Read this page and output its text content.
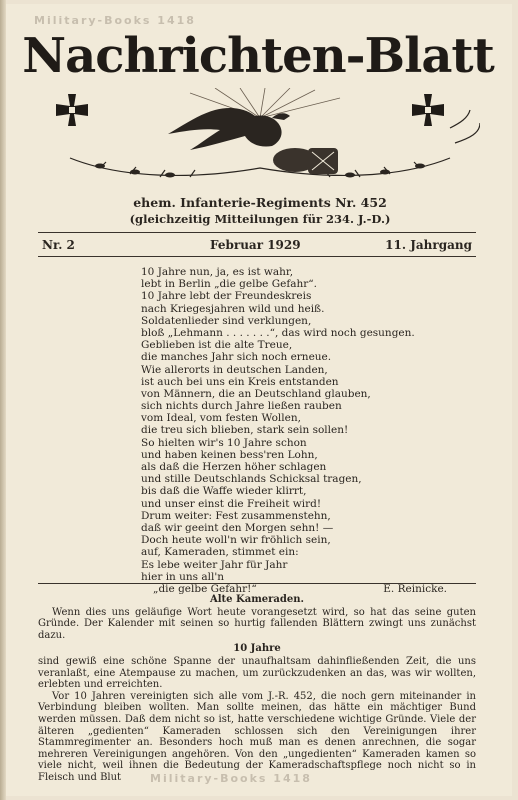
Military-Books 1418
Nachrichten-Blatt
ehem. Infanterie-Regiments Nr. 452
(gleichzeitig Mitteilungen für 234. J.-D.)
Nr. 2	Februar 1929	11. Jahrgang
10 Jahre nun, ja, es ist wahr,
lebt in Berlin „die gelbe Gefahr“.
10 Jahre lebt der Freundeskreis
nach Kriegesjahren wild und heiß.
Soldatenlieder sind verklungen,
bloß „Lehmann . . . . . . .“, das wird noch gesungen.
Geblieben ist die alte Treue,
die manches Jahr sich noch erneue.
Wie allerorts in deutschen Landen,
ist auch bei uns ein Kreis entstanden
von Männern, die an Deutschland glauben,
sich nichts durch Jahre ließen rauben
vom Ideal, vom festen Wollen,
die treu sich blieben, stark sein sollen!
So hielten wir's 10 Jahre schon
und haben keinen bess'ren Lohn,
als daß die Herzen höher schlagen
und stille Deutschlands Schicksal tragen,
bis daß die Waffe wieder klirrt,
und unser einst die Freiheit wird!
Drum weiter: Fest zusammenstehn,
daß wir geeint den Morgen sehn! —
Doch heute woll'n wir fröhlich sein,
auf, Kameraden, stimmet ein:
Es lebe weiter Jahr für Jahr
hier in uns all'n
„die gelbe Gefahr!“	E. Reinicke.
Alte Kameraden.

Wenn dies uns geläufige Wort heute vorangesetzt wird, so hat das seine guten Gründe. Der Kalender mit seinen so hurtig fallenden Blättern zwingt uns zunächst dazu.

10 Jahre

sind gewiß eine schöne Spanne der unaufhaltsam dahinfließenden Zeit, die uns veranlaßt, eine Atempause zu machen, um zurückzudenken an das, was wir wollten, erlebten und erreichten.

Vor 10 Jahren vereinigten sich alle vom J.-R. 452, die noch gern miteinander in Verbindung bleiben wollten. Man sollte meinen, das hätte ein mächtiger Bund werden müssen. Daß dem nicht so ist, hatte verschiedene wichtige Gründe. Viele der älteren „gedienten“ Kameraden schlossen sich den Vereinigungen ihrer Stammregimenter an. Besonders hoch muß man es denen anrechnen, die sogar mehreren Vereinigungen angehören. Von den „ungedienten“ Kameraden kamen so viele nicht, weil ihnen die Bedeutung der Kameradschaftspflege noch nicht so in Fleisch und Blut	Military-Books 1418
